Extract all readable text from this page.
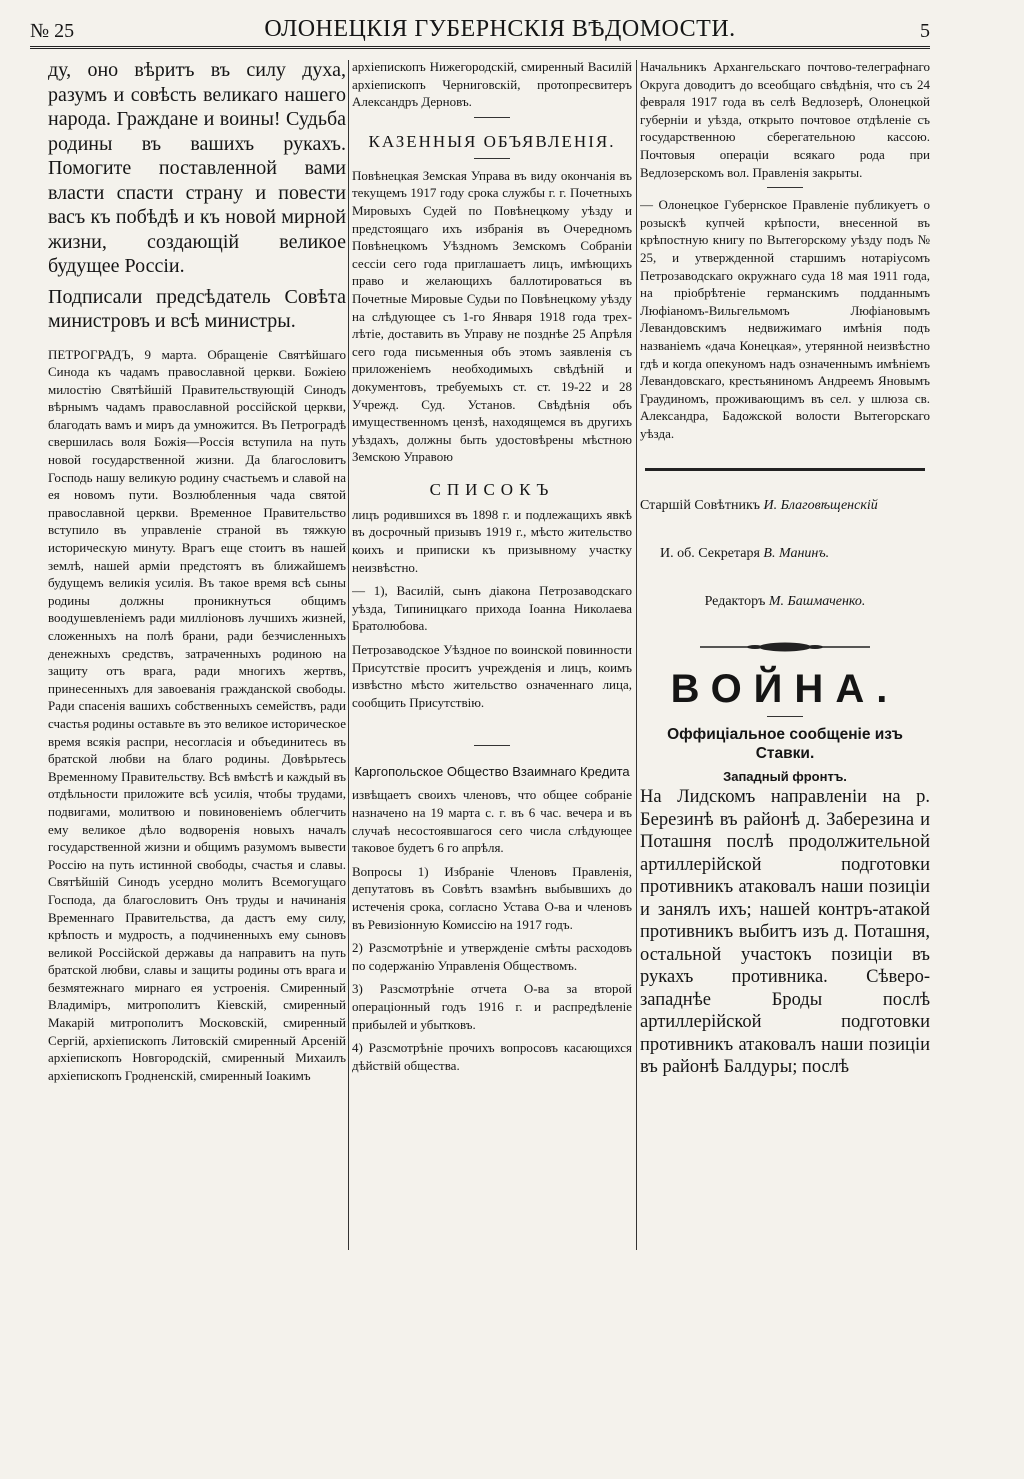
№ 25	ОЛОНЕЦКІЯ ГУБЕРНСКІЯ ВѢДОМОСТИ.	5

ду, оно вѣритъ въ силу духа, разумъ и совѣсть великаго нашего народа. Граждане и воины! Судьба родины въ вашихъ рукахъ. Помогите поставленной вами власти спасти страну и повести васъ къ побѣдѣ и къ новой мирной жизни, создающій великое будущее Россіи.

Подписали предсѣдатель Совѣта министровъ и всѣ министры.

ПЕТРОГРАДЪ, 9 марта. Обращеніе Святѣйшаго Синода къ чадамъ православной церкви. Божіею милостію Святѣйшій Правительствующій Синодъ вѣрнымъ чадамъ православной россійской церкви, благодать вамъ и миръ да умножится. Въ Петроградѣ свершилась воля Божія—Россія вступила на путь новой государственной жизни. Да благословитъ Господь нашу великую родину счастьемъ и славой на ея новомъ пути. Возлюбленныя чада святой православной церкви. Временное Правительство вступило въ управленіе страной въ тяжкую историческую минуту. Врагъ еще стоитъ въ нашей землѣ, нашей арміи предстоятъ въ ближайшемъ будущемъ великія усилія. Въ такое время всѣ сыны родины должны проникнуться общимъ воодушевленіемъ ради милліоновъ лучшихъ жизней, сложенныхъ на полѣ брани, ради безчисленныхъ денежныхъ средствъ, затраченныхъ родиною на защиту отъ врага, ради многихъ жертвъ, принесенныхъ для завоеванія гражданской свободы. Ради спасенія вашихъ собственныхъ семействъ, ради счастья родины оставьте въ это великое историческое время всякія распри, несогласія и объединитесь въ братской любви на благо родины. Довѣрьтесь Временному Правительству. Всѣ вмѣстѣ и каждый въ отдѣльности приложите всѣ усилія, чтобы трудами, подвигами, молитвою и повиновеніемъ облегчить ему великое дѣло водворенія новыхъ началъ государственной жизни и общимъ разумомъ вывести Россію на путь истинной свободы, счастья и славы. Святѣйшій Синодъ усердно молитъ Всемогущаго Господа, да благословитъ Онъ труды и начинанія Временнаго Правительства, да дастъ ему силу, крѣпость и мудрость, а подчиненныхъ ему сыновъ великой Россійской державы да направитъ на путь братской любви, славы и защиты родины отъ врага и безмятежнаго мирнаго ея устроенія. Смиренный Владиміръ, митрополитъ Кіевскій, смиренный Макарій митрополитъ Московскій, смиренный Сергій, архіепископъ Литовскій смиренный Арсеній архіепископъ Новгородскій, смиренный Михаилъ архіепископъ Гродненскій, смиренный Іоакимъ

архіепископъ Нижегородскій, смиренный Василій архіепископъ Черниговскій, протопресвитеръ Александръ Дерновъ.

КАЗЕННЫЯ ОБЪЯВЛЕНІЯ.

Повѣнецкая Земская Управа въ виду окончанія въ текущемъ 1917 году срока службы г. г. Почетныхъ Мировыхъ Судей по Повѣнецкому уѣзду и предстоящаго ихъ избранія въ Очередномъ Повѣнецкомъ Уѣздномъ Земскомъ Собраніи сессіи сего года приглашаетъ лицъ, имѣющихъ право и желающихъ баллотироваться въ Почетные Мировые Судьи по Повѣнецкому уѣзду на слѣдующее съ 1-го Января 1918 года трех-лѣтіе, доставить въ Управу не позднѣе 25 Апрѣля сего года письменныя объ этомъ заявленія съ приложеніемъ необходимыхъ свѣдѣній и документовъ, требуемыхъ ст. ст. 19-22 и 28 Учрежд. Суд. Установ. Свѣдѣнія объ имущественномъ цензѣ, находящемся въ другихъ уѣздахъ, должны быть удостовѣрены мѣстною Земскою Управою

СПИСОКЪ

лицъ родившихся въ 1898 г. и подлежащихъ явкѣ въ досрочный призывъ 1919 г., мѣсто жительство коихъ и приписки къ призывному участку неизвѣстно.

— 1), Василій, сынъ діакона Петрозаводскаго уѣзда, Типиницкаго прихода Іоанна Николаева Братолюбова.

Петрозаводское Уѣздное по воинской повинности Присутствіе проситъ учрежденія и лицъ, коимъ извѣстно мѣсто жительство означеннаго лица, сообщить Присутствію.

Каргопольское Общество Взаимнаго Кредита

извѣщаетъ своихъ членовъ, что общее собраніе назначено на 19 марта с. г. въ 6 час. вечера и въ случаѣ несостоявшагося сего числа слѣдующее таковое будетъ 6 го апрѣля.

Вопросы 1) Избраніе Членовъ Правленія, депутатовъ въ Совѣтъ взамѣнъ выбывшихъ до истеченія срока, согласно Устава О-ва и членовъ въ Ревизіонную Комиссію на 1917 годъ.

2) Разсмотрѣніе и утвержденіе смѣты расходовъ по содержанію Управленія Обществомъ.

3) Разсмотрѣніе отчета О-ва за второй операціонный годъ 1916 г. и распредѣленіе прибылей и убытковъ.

4) Разсмотрѣніе прочихъ вопросовъ касающихся дѣйствій общества.

Начальникъ Архангельскаго почтово-телеграфнаго Округа доводитъ до всеобщаго свѣдѣнія, что съ 24 февраля 1917 года въ селѣ Ведлозерѣ, Олонецкой губерніи и уѣзда, открыто почтовое отдѣленіе съ государственною сберегательною кассою. Почтовыя операціи всякаго рода при Ведлозерскомъ вол. Правленія закрыты.

— Олонецкое Губернское Правленіе публикуетъ о розыскѣ купчей крѣпости, внесенной въ крѣпостную книгу по Вытегорскому уѣзду подъ № 25, и утвержденной старшимъ нотаріусомъ Петрозаводскаго окружнаго суда 18 мая 1911 года, на пріобрѣтеніе германскимъ подданнымъ Люфіаномъ-Вильгельмомъ Люфіановымъ Левандовскимъ недвижимаго имѣнія подъ названіемъ «дача Конецкая», утерянной неизвѣстно гдѣ и когда опекуномъ надъ означеннымъ имѣніемъ Левандовскаго, крестьяниномъ Андреемъ Яновымъ Граудиномъ, проживающимъ въ сел. у шлюза св. Александра, Бадожской волости Вытегорскаго уѣзда.

Старшій Совѣтникъ И. Благовѣщенскій

И. об. Секретаря В. Манинъ.

Редакторъ М. Башмаченко.

ВОЙНА.

Оффиціальное сообщеніе изъ Ставки.

Западный фронтъ.

На Лидскомъ направленіи на р. Березинѣ въ районѣ д. Заберезина и Поташня послѣ продолжительной артиллерійской подготовки противникъ атаковалъ наши позиціи и занялъ ихъ; нашей контръ-атакой противникъ выбитъ изъ д. Поташня, остальной участокъ позиціи въ рукахъ противника. Сѣверо-западнѣе Броды послѣ артиллерійской подготовки противникъ атаковалъ наши позиціи въ районѣ Балдуры; послѣ
